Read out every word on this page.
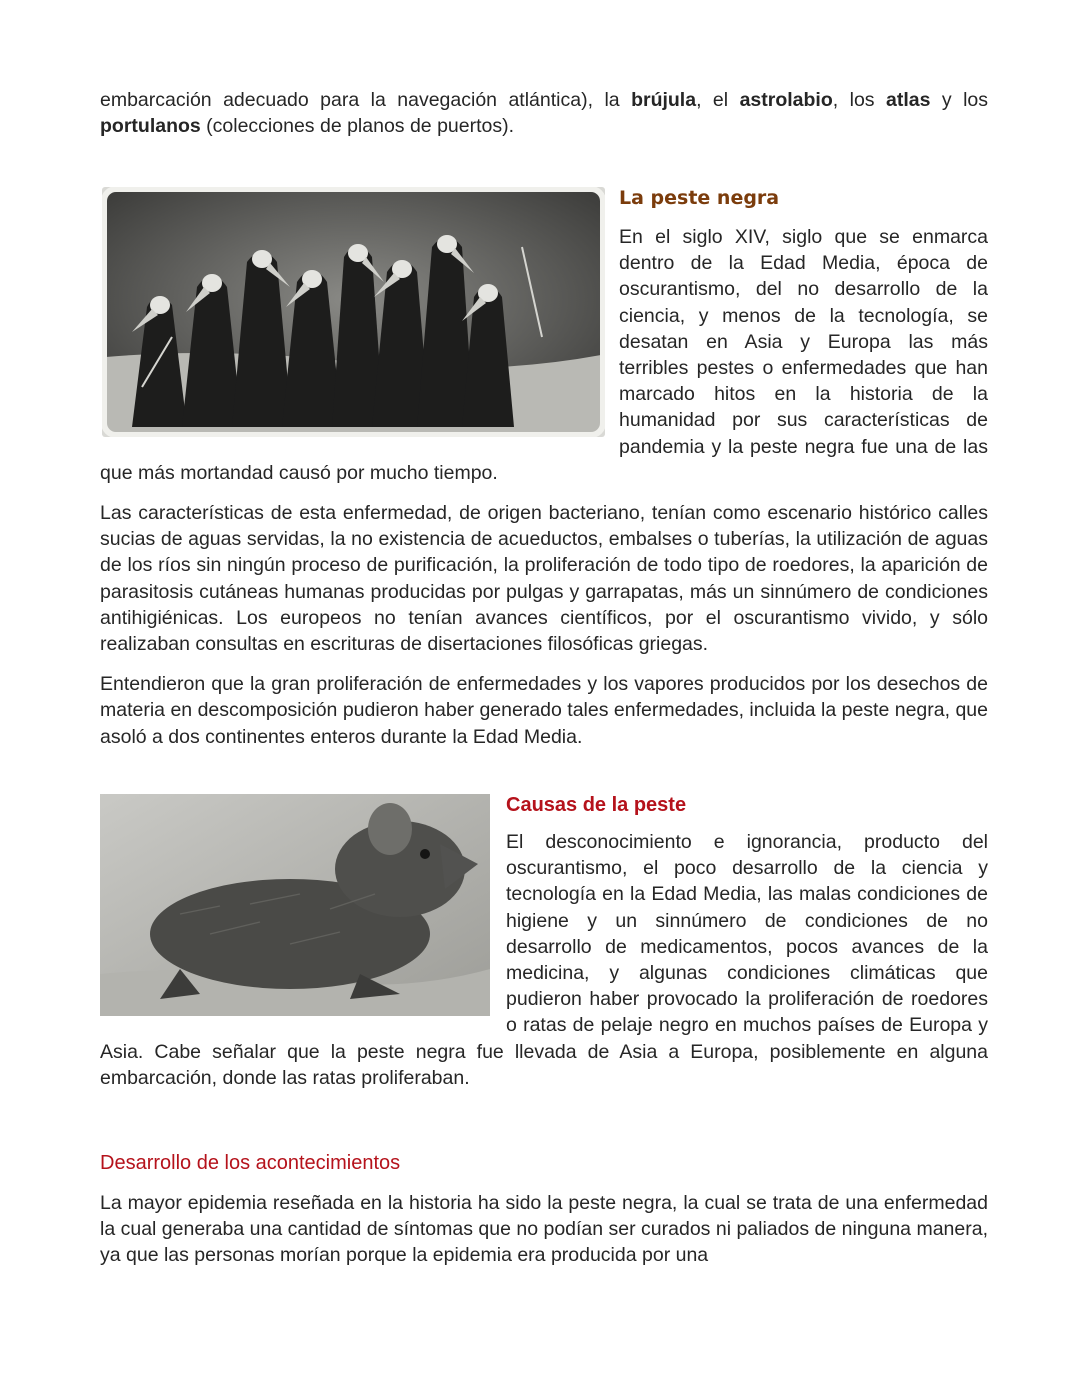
embarcación adecuado para la navegación atlántica), la brújula, el astrolabio, los atlas y los portulanos (colecciones de planos de puertos).

La peste negra

En el siglo XIV, siglo que se enmarca dentro de la Edad Media, época de oscurantismo, del no desarrollo de la ciencia, y menos de la tecnología, se desatan en Asia y Europa las más terribles pestes o enfermedades que han marcado hitos en la historia de la humanidad por sus características de pandemia y la peste negra fue una de las que más mortandad causó por mucho tiempo.

Las características de esta enfermedad, de origen bacteriano, tenían como escenario histórico calles sucias de aguas servidas, la no existencia de acueductos, embalses o tuberías, la utilización de aguas de los ríos sin ningún proceso de purificación, la proliferación de todo tipo de roedores, la aparición de parasitosis cutáneas humanas producidas por pulgas y garrapatas, más un sinnúmero de condiciones antihigiénicas. Los europeos no tenían avances científicos, por el oscurantismo vivido, y sólo realizaban consultas en escrituras de disertaciones filosóficas griegas.

Entendieron que la gran proliferación de enfermedades y los vapores producidos por los desechos de materia en descomposición pudieron haber generado tales enfermedades, incluida la peste negra, que asoló a dos continentes enteros durante la Edad Media.

Causas de la peste

El desconocimiento e ignorancia, producto del oscurantismo, el poco desarrollo de la ciencia y tecnología en la Edad Media, las malas condiciones de higiene y un sinnúmero de condiciones de no desarrollo de medicamentos, pocos avances de la medicina, y algunas condiciones climáticas que pudieron haber provocado la proliferación de roedores o ratas de pelaje negro en muchos países de Europa y Asia. Cabe señalar que la peste negra fue llevada de Asia a Europa, posiblemente en alguna embarcación, donde las ratas proliferaban.

Desarrollo de los acontecimientos

La mayor epidemia reseñada en la historia ha sido la peste negra, la cual se trata de una enfermedad la cual generaba una cantidad de síntomas que no podían ser curados ni paliados de ninguna manera, ya que las personas morían porque la epidemia era producida por una
